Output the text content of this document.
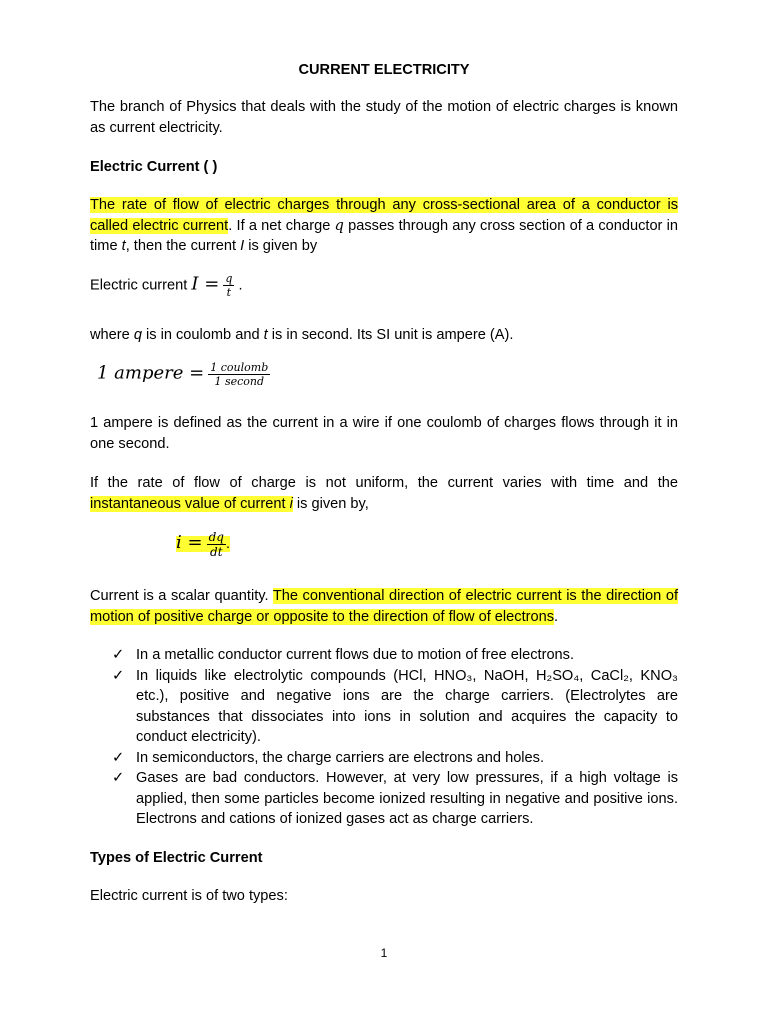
CURRENT ELECTRICITY

The branch of Physics that deals with the study of the motion of electric charges is known as current electricity.

Electric Current ( )

The rate of flow of electric charges through any cross-sectional area of a conductor is called electric current. If a net charge q passes through any cross section of a conductor in time t, then the current I is given by

Electric current $I = \frac{q}{t}$ .
where q is in coulomb and t is in second. Its SI unit is ampere (A).
1 ampere = $\frac{\text{1 coulomb}}{\text{1 second}}$

1 ampere is defined as the current in a wire if one coulomb of charges flows through it in one second.

If the rate of flow of charge is not uniform, the current varies with time and the instantaneous value of current i is given by,

$i = \frac{dq}{dt}$ .

Current is a scalar quantity. The conventional direction of electric current is the direction of motion of positive charge or opposite to the direction of flow of electrons.

✓ In a metallic conductor current flows due to motion of free electrons.
✓ In liquids like electrolytic compounds (HCl, HNO₃, NaOH, H₂SO₄, CaCl₂, KNO₃ etc.), positive and negative ions are the charge carriers. (Electrolytes are substances that dissociates into ions in solution and acquires the capacity to conduct electricity).
✓ In semiconductors, the charge carriers are electrons and holes.
✓ Gases are bad conductors. However, at very low pressures, if a high voltage is applied, then some particles become ionized resulting in negative and positive ions. Electrons and cations of ionized gases act as charge carriers.
Types of Electric Current
Electric current is of two types:
1
